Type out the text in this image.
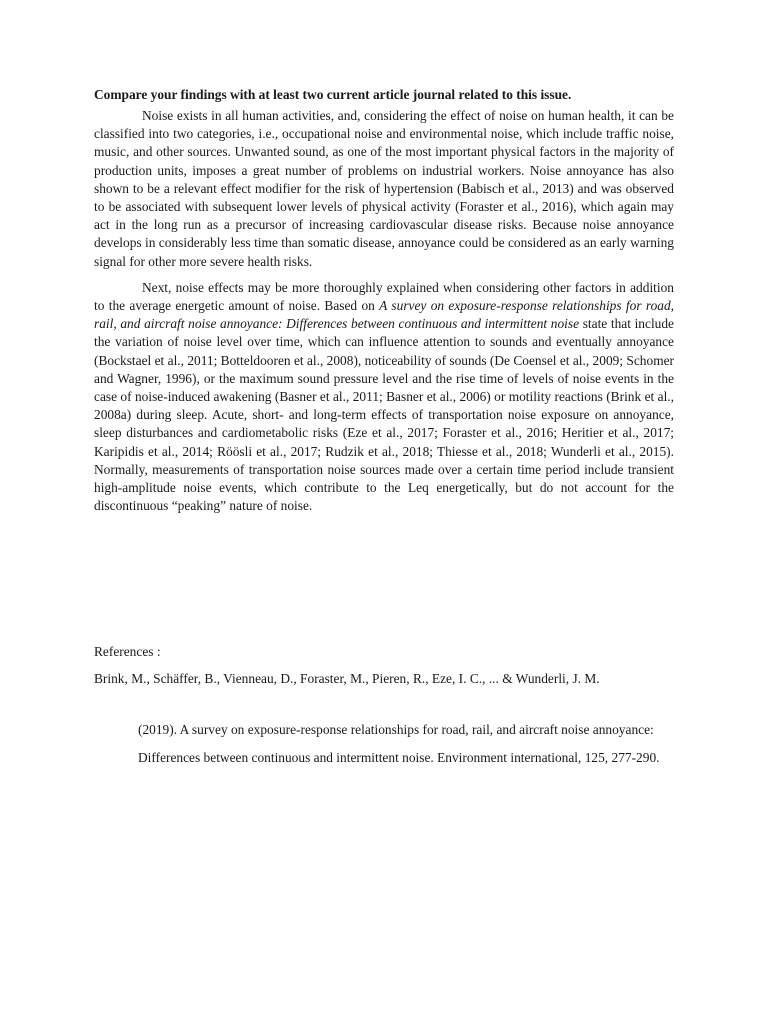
Compare your findings with at least two current article journal related to this issue.

Noise exists in all human activities, and, considering the effect of noise on human health, it can be classified into two categories, i.e., occupational noise and environmental noise, which include traffic noise, music, and other sources. Unwanted sound, as one of the most important physical factors in the majority of production units, imposes a great number of problems on industrial workers. Noise annoyance has also shown to be a relevant effect modifier for the risk of hypertension (Babisch et al., 2013) and was observed to be associated with subsequent lower levels of physical activity (Foraster et al., 2016), which again may act in the long run as a precursor of increasing cardiovascular disease risks. Because noise annoyance develops in considerably less time than somatic disease, annoyance could be considered as an early warning signal for other more severe health risks.

Next, noise effects may be more thoroughly explained when considering other factors in addition to the average energetic amount of noise. Based on A survey on exposure-response relationships for road, rail, and aircraft noise annoyance: Differences between continuous and intermittent noise state that include the variation of noise level over time, which can influence attention to sounds and eventually annoyance (Bockstael et al., 2011; Botteldooren et al., 2008), noticeability of sounds (De Coensel et al., 2009; Schomer and Wagner, 1996), or the maximum sound pressure level and the rise time of levels of noise events in the case of noise-induced awakening (Basner et al., 2011; Basner et al., 2006) or motility reactions (Brink et al., 2008a) during sleep. Acute, short- and long-term effects of transportation noise exposure on annoyance, sleep disturbances and cardiometabolic risks (Eze et al., 2017; Foraster et al., 2016; Heritier et al., 2017; Karipidis et al., 2014; Röösli et al., 2017; Rudzik et al., 2018; Thiesse et al., 2018; Wunderli et al., 2015). Normally, measurements of transportation noise sources made over a certain time period include transient high-amplitude noise events, which contribute to the Leq energetically, but do not account for the discontinuous “peaking” nature of noise.

References :
Brink, M., Schäffer, B., Vienneau, D., Foraster, M., Pieren, R., Eze, I. C., ... & Wunderli, J. M.
(2019). A survey on exposure-response relationships for road, rail, and aircraft noise annoyance: Differences between continuous and intermittent noise. Environment international, 125, 277-290.
